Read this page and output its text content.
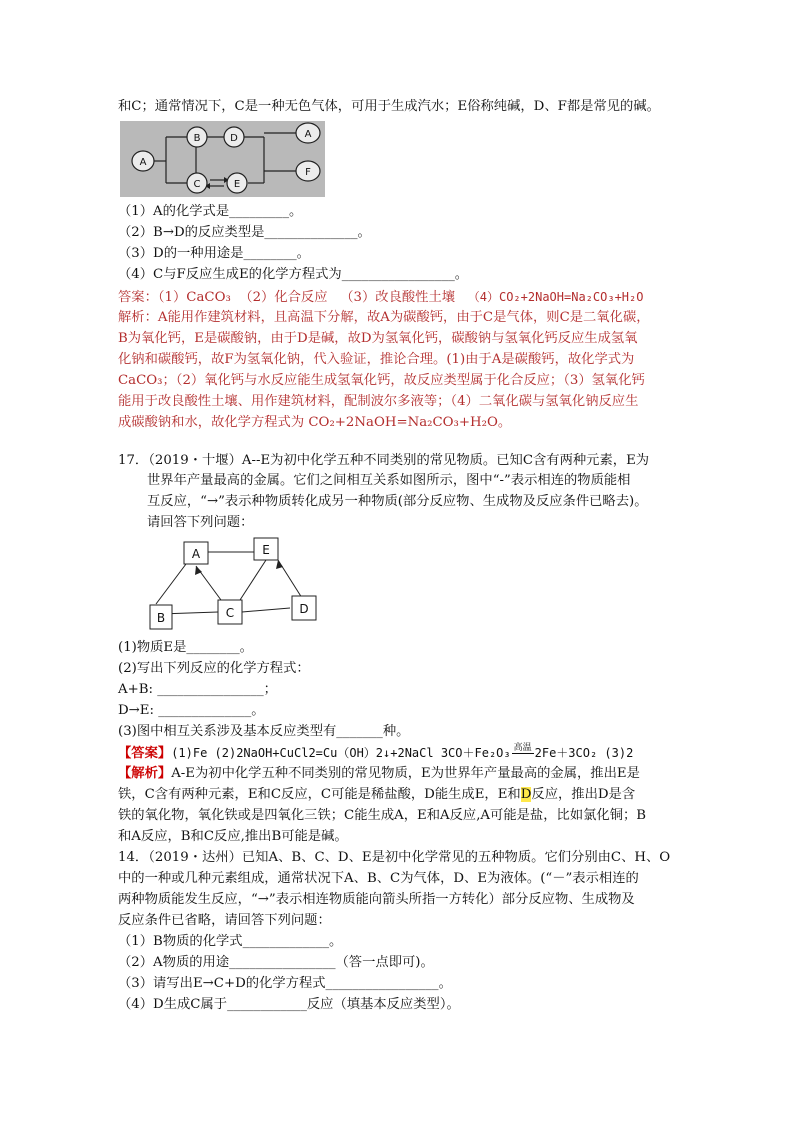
和C；通常情况下，C是一种无色气体，可用于生成汽水；E俗称纯碱，D、F都是常见的碱。
A
B	D
C	E
A
F
（1）A的化学式是_________。
（2）B→D的反应类型是______________。
（3）D的一种用途是________。
（4）C与F反应生成E的化学方程式为_________________。
答案：（1）CaCO₃ （2）化合反应 （3）改良酸性土壤 （4）CO₂+2NaOH=Na₂CO₃+H₂O
解析：A能用作建筑材料，且高温下分解，故A为碳酸钙，由于C是气体，则C是二氧化碳，
B为氧化钙，E是碳酸钠，由于D是碱，故D为氢氧化钙，碳酸钠与氢氧化钙反应生成氢氧
化钠和碳酸钙，故F为氢氧化钠，代入验证，推论合理。(1)由于A是碳酸钙，故化学式为
CaCO₃；（2）氧化钙与水反应能生成氢氧化钙，故反应类型属于化合反应；（3）氢氧化钙
能用于改良酸性土壤、用作建筑材料，配制波尔多液等；（4）二氧化碳与氢氧化钠反应生
成碳酸钠和水，故化学方程式为 CO₂+2NaOH=Na₂CO₃+H₂O。
17．（2019・十堰）A--E为初中化学五种不同类别的常见物质。已知C含有两种元素，E为
世界年产量最高的金属。它们之间相互关系如图所示，图中“-”表示相连的物质能相
互反应，“→”表示种物质转化成另一种物质(部分反应物、生成物及反应条件已略去)。
请回答下列问题：
A	E
B	C	D
(1)物质E是________。
(2)写出下列反应的化学方程式：
A+B: ________________；
D→E: ______________。
(3)图中相互关系涉及基本反应类型有_______种。
【答案】(1)Fe (2)2NaOH+CuCl2=Cu（OH）2↓+2NaCl 3CO＋Fe₂O₃ 高温 2Fe＋3CO₂ (3)2
【解析】A-E为初中化学五种不同类别的常见物质，E为世界年产量最高的金属，推出E是
铁，C含有两种元素，E和C反应，C可能是稀盐酸，D能生成E，E和D反应，推出D是含
铁的氧化物，氧化铁或是四氧化三铁；C能生成A，E和A反应,A可能是盐，比如氯化铜；B
和A反应，B和C反应,推出B可能是碱。
14．（2019・达州）已知A、B、C、D、E是初中化学常见的五种物质。它们分别由C、H、O
中的一种或几种元素组成，通常状况下A、B、C为气体，D、E为液体。(“－”表示相连的
两种物质能发生反应，“→”表示相连物质能向箭头所指一方转化）部分反应物、生成物及
反应条件已省略，请回答下列问题：
（1）B物质的化学式_____________。
（2）A物质的用途________________（答一点即可)。
（3）请写出E→C+D的化学方程式_________________。
（4）D生成C属于____________反应（填基本反应类型）。
